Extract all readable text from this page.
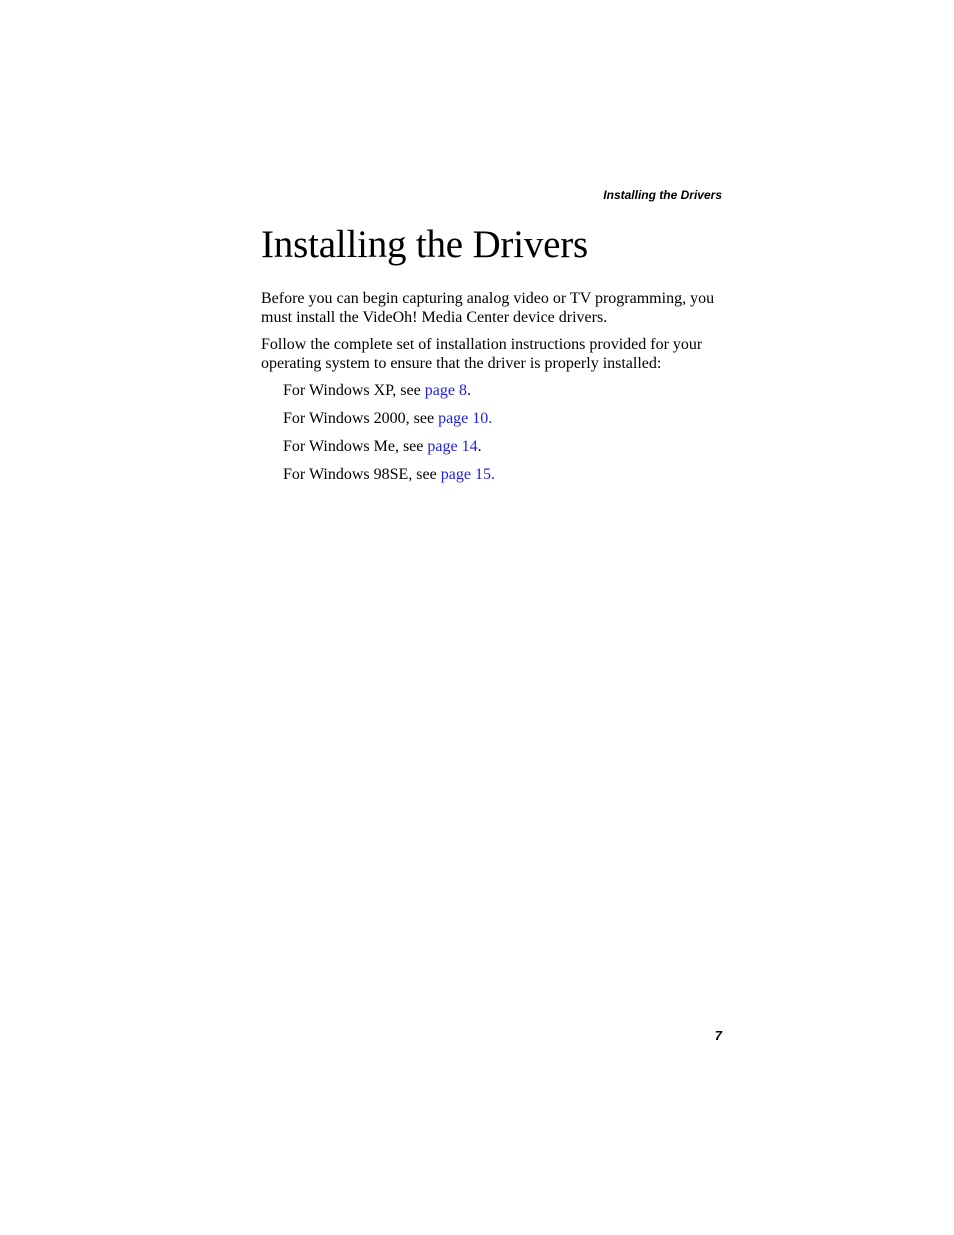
Installing the Drivers
Installing the Drivers

Before you can begin capturing analog video or TV programming, you must install the VideOh! Media Center device drivers.

Follow the complete set of installation instructions provided for your operating system to ensure that the driver is properly installed:

For Windows XP, see page 8.
For Windows 2000, see page 10.
For Windows Me, see page 14.
For Windows 98SE, see page 15.
7
